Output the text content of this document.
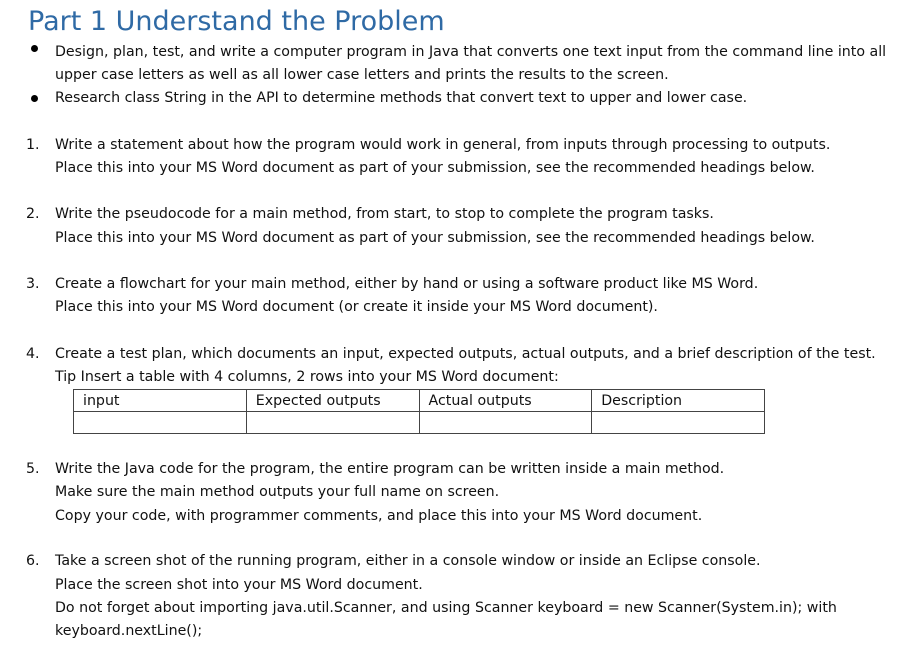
Part 1 Understand the Problem
Design, plan, test, and write a computer program in Java that converts one text input from the command line into all
upper case letters as well as all lower case letters and prints the results to the screen.
Research class String in the API to determine methods that convert text to upper and lower case.
1. Write a statement about how the program would work in general, from inputs through processing to outputs.
Place this into your MS Word document as part of your submission, see the recommended headings below.
2. Write the pseudocode for a main method, from start, to stop to complete the program tasks.
Place this into your MS Word document as part of your submission, see the recommended headings below.
3. Create a flowchart for your main method, either by hand or using a software product like MS Word.
Place this into your MS Word document (or create it inside your MS Word document).
4. Create a test plan, which documents an input, expected outputs, actual outputs, and a brief description of the test.
Tip Insert a table with 4 columns, 2 rows into your MS Word document:
input	Expected outputs	Actual outputs	Description

5. Write the Java code for the program, the entire program can be written inside a main method.
Make sure the main method outputs your full name on screen.
Copy your code, with programmer comments, and place this into your MS Word document.
6. Take a screen shot of the running program, either in a console window or inside an Eclipse console.
Place the screen shot into your MS Word document.
Do not forget about importing java.util.Scanner, and using Scanner keyboard = new Scanner(System.in); with
keyboard.nextLine();
